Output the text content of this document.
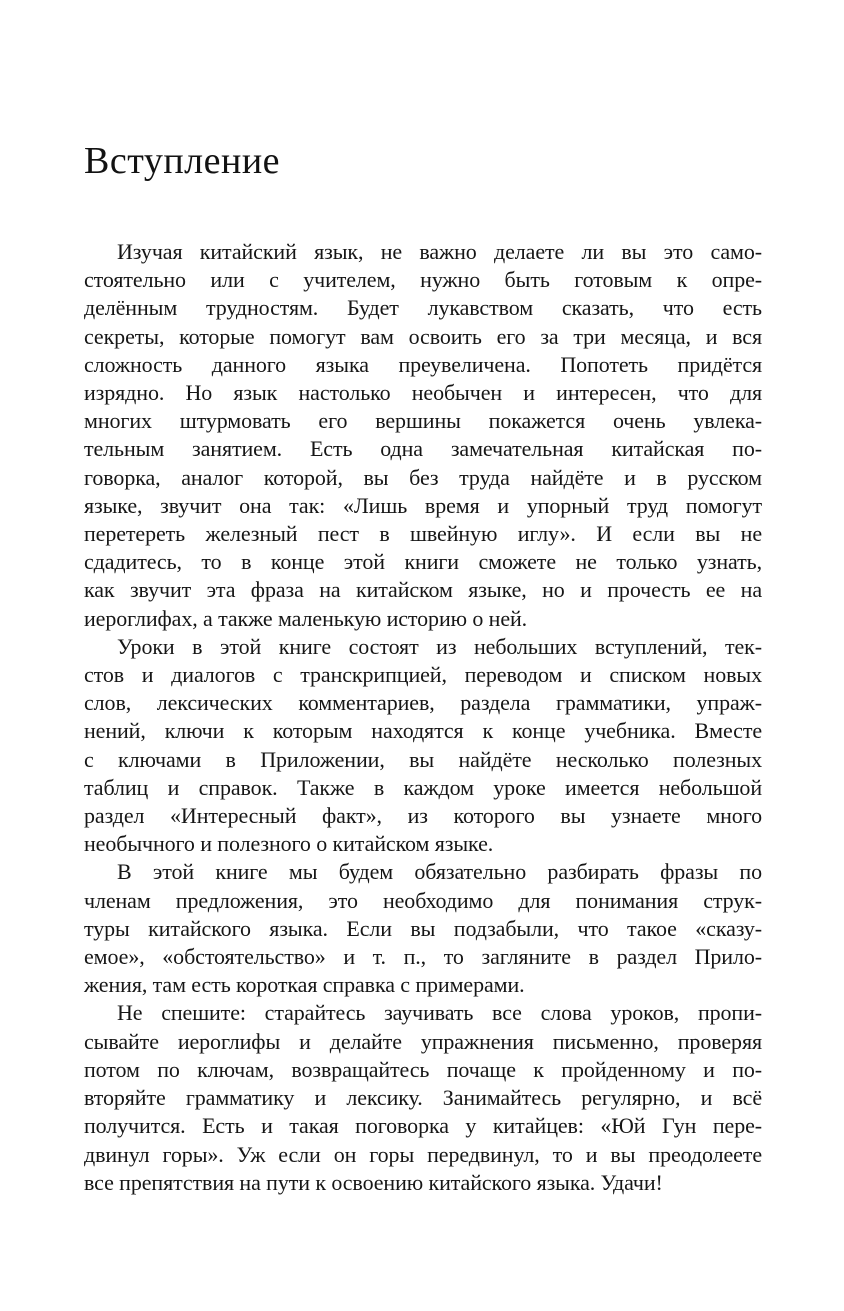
Вступление
Изучая китайский язык, не важно делаете ли вы это само-
стоятельно или с учителем, нужно быть готовым к опре-
делённым трудностям. Будет лукавством сказать, что есть
секреты, которые помогут вам освоить его за три месяца, и вся
сложность данного языка преувеличена. Попотеть придётся
изрядно. Но язык настолько необычен и интересен, что для
многих штурмовать его вершины покажется очень увлека-
тельным занятием. Есть одна замечательная китайская по-
говорка, аналог которой, вы без труда найдёте и в русском
языке, звучит она так: «Лишь время и упорный труд помогут
перетереть железный пест в швейную иглу». И если вы не
сдадитесь, то в конце этой книги сможете не только узнать,
как звучит эта фраза на китайском языке, но и прочесть ее на
иероглифах, а также маленькую историю о ней.
Уроки в этой книге состоят из небольших вступлений, тек-
стов и диалогов с транскрипцией, переводом и списком новых
слов, лексических комментариев, раздела грамматики, упраж-
нений, ключи к которым находятся к конце учебника. Вместе
с ключами в Приложении, вы найдёте несколько полезных
таблиц и справок. Также в каждом уроке имеется небольшой
раздел «Интересный факт», из которого вы узнаете много
необычного и полезного о китайском языке.
В этой книге мы будем обязательно разбирать фразы по
членам предложения, это необходимо для понимания струк-
туры китайского языка. Если вы подзабыли, что такое «сказу-
емое», «обстоятельство» и т. п., то загляните в раздел Прило-
жения, там есть короткая справка с примерами.
Не спешите: старайтесь заучивать все слова уроков, пропи-
сывайте иероглифы и делайте упражнения письменно, проверяя
потом по ключам, возвращайтесь почаще к пройденному и по-
вторяйте грамматику и лексику. Занимайтесь регулярно, и всё
получится. Есть и такая поговорка у китайцев: «Юй Гун пере-
двинул горы». Уж если он горы передвинул, то и вы преодолеете
все препятствия на пути к освоению китайского языка. Удачи!
